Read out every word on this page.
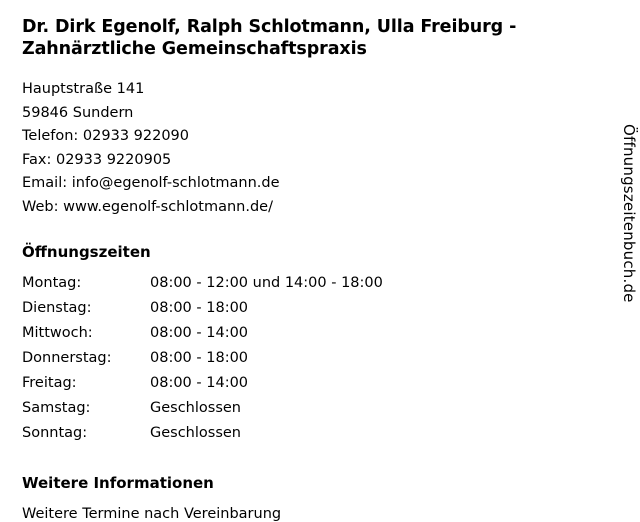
Dr. Dirk Egenolf, Ralph Schlotmann, Ulla Freiburg - Zahnärztliche Gemeinschaftspraxis
Hauptstraße 141
59846 Sundern
Telefon: 02933 922090
Fax: 02933 9220905
Email: info@egenolf-schlotmann.de
Web: www.egenolf-schlotmann.de/
Öffnungszeiten
Montag:	08:00 - 12:00 und 14:00 - 18:00
Dienstag:	08:00 - 18:00
Mittwoch:	08:00 - 14:00
Donnerstag:	08:00 - 18:00
Freitag:	08:00 - 14:00
Samstag:	Geschlossen
Sonntag:	Geschlossen
Weitere Informationen
Weitere Termine nach Vereinbarung
Öffnungszeitenbuch.de
